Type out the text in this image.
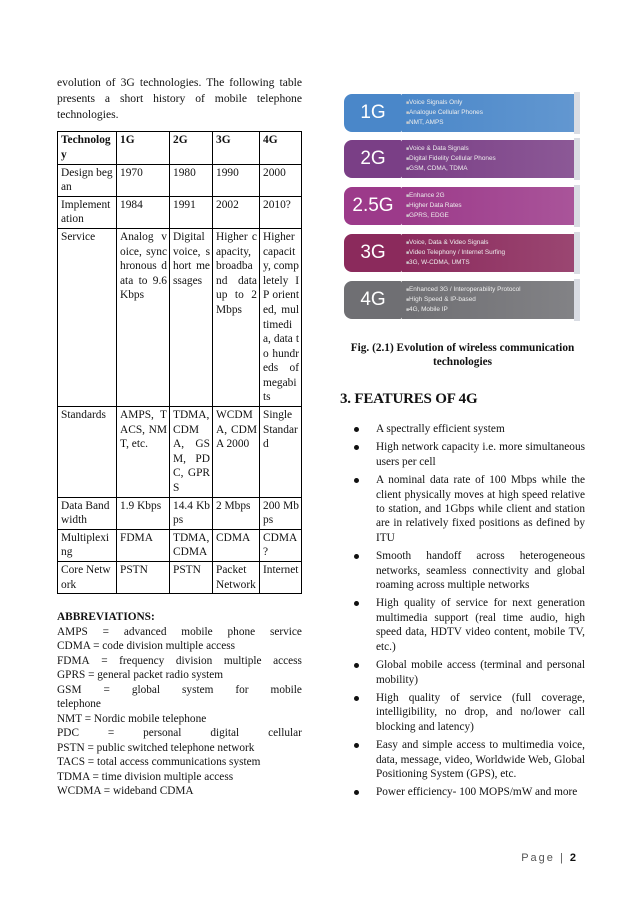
evolution of 3G technologies. The following table presents a short history of mobile telephone technologies.

Technology	1G	2G	3G	4G
Design began	1970	1980	1990	2000
Implementation	1984	1991	2002	2010?
Service	Analog voice, synchronous data to 9.6Kbps	Digital voice, short messages	Higher capacity, broadband data up to 2Mbps	Higher capacity, completely IP oriented, multimedia, data to hundreds of megabits
Standards	AMPS, TACS, NMT, etc.	TDMA, CDMA, GSM, PDC, GPRS	WCDMA, CDMA 2000	Single Standard
Data Bandwidth	1.9 Kbps	14.4 Kbps	2 Mbps	200 Mbps
Multiplexing	FDMA	TDMA, CDMA	CDMA	CDMA ?
Core Network	PSTN	PSTN	Packet Network	Internet
ABBREVIATIONS:
AMPS = advanced mobile phone service
CDMA = code division multiple access
FDMA = frequency division multiple access
GPRS = general packet radio system
GSM = global system for mobile
telephone
NMT = Nordic mobile telephone
PDC	=	personal	digital	cellular
PSTN = public switched telephone network
TACS = total access communications system
TDMA = time division multiple access
WCDMA = wideband CDMA
1G	■ Voice Signals Only
■ Analogue Cellular Phones
■ NMT, AMPS
2G	■ Voice & Data Signals
■ Digital Fidelity Cellular Phones
■ GSM, CDMA, TDMA
2.5G	■ Enhance 2G
■ Higher Data Rates
■ GPRS, EDGE
3G	■ Voice, Data & Video Signals
■ Video Telephony / Internet Surfing
■ 3G, W-CDMA, UMTS
4G	■ Enhanced 3G / Interoperability Protocol
■ High Speed & IP-based
■ 4G, Mobile IP
Fig. (2.1) Evolution of wireless communication technologies
3. FEATURES OF 4G
A spectrally efficient system
High network capacity i.e. more simultaneous users per cell
A nominal data rate of 100 Mbps while the client physically moves at high speed relative to station, and 1Gbps while client and station are in relatively fixed positions as defined by ITU
Smooth handoff across heterogeneous networks, seamless connectivity and global roaming across multiple networks
High quality of service for next generation multimedia support (real time audio, high speed data, HDTV video content, mobile TV, etc.)
Global mobile access (terminal and personal mobility)
High quality of service (full coverage, intelligibility, no drop, and no/lower call blocking and latency)
Easy and simple access to multimedia voice, data, message, video, Worldwide Web, Global Positioning System (GPS), etc.
Power efficiency- 100 MOPS/mW and more
Page | 2
